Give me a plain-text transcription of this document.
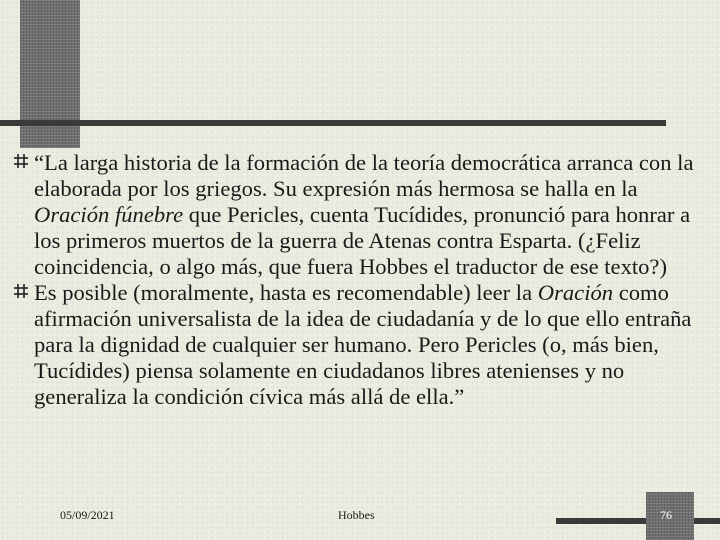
“La larga historia de la formación de la teoría democrática arranca con la elaborada por los griegos. Su expresión más hermosa se halla en la Oración fúnebre que Pericles, cuenta Tucídides, pronunció para honrar a los primeros muertos de la guerra de Atenas contra Esparta. (¿Feliz coincidencia, o algo más, que fuera Hobbes el traductor de ese texto?)

Es posible (moralmente, hasta es recomendable) leer la Oración como afirmación universalista de la idea de ciudadanía y de lo que ello entraña para la dignidad de cualquier ser humano. Pero Pericles (o, más bien, Tucídides) piensa solamente en ciudadanos libres atenienses y no generaliza la condición cívica más allá de ella.”

05/09/2021	Hobbes	76
